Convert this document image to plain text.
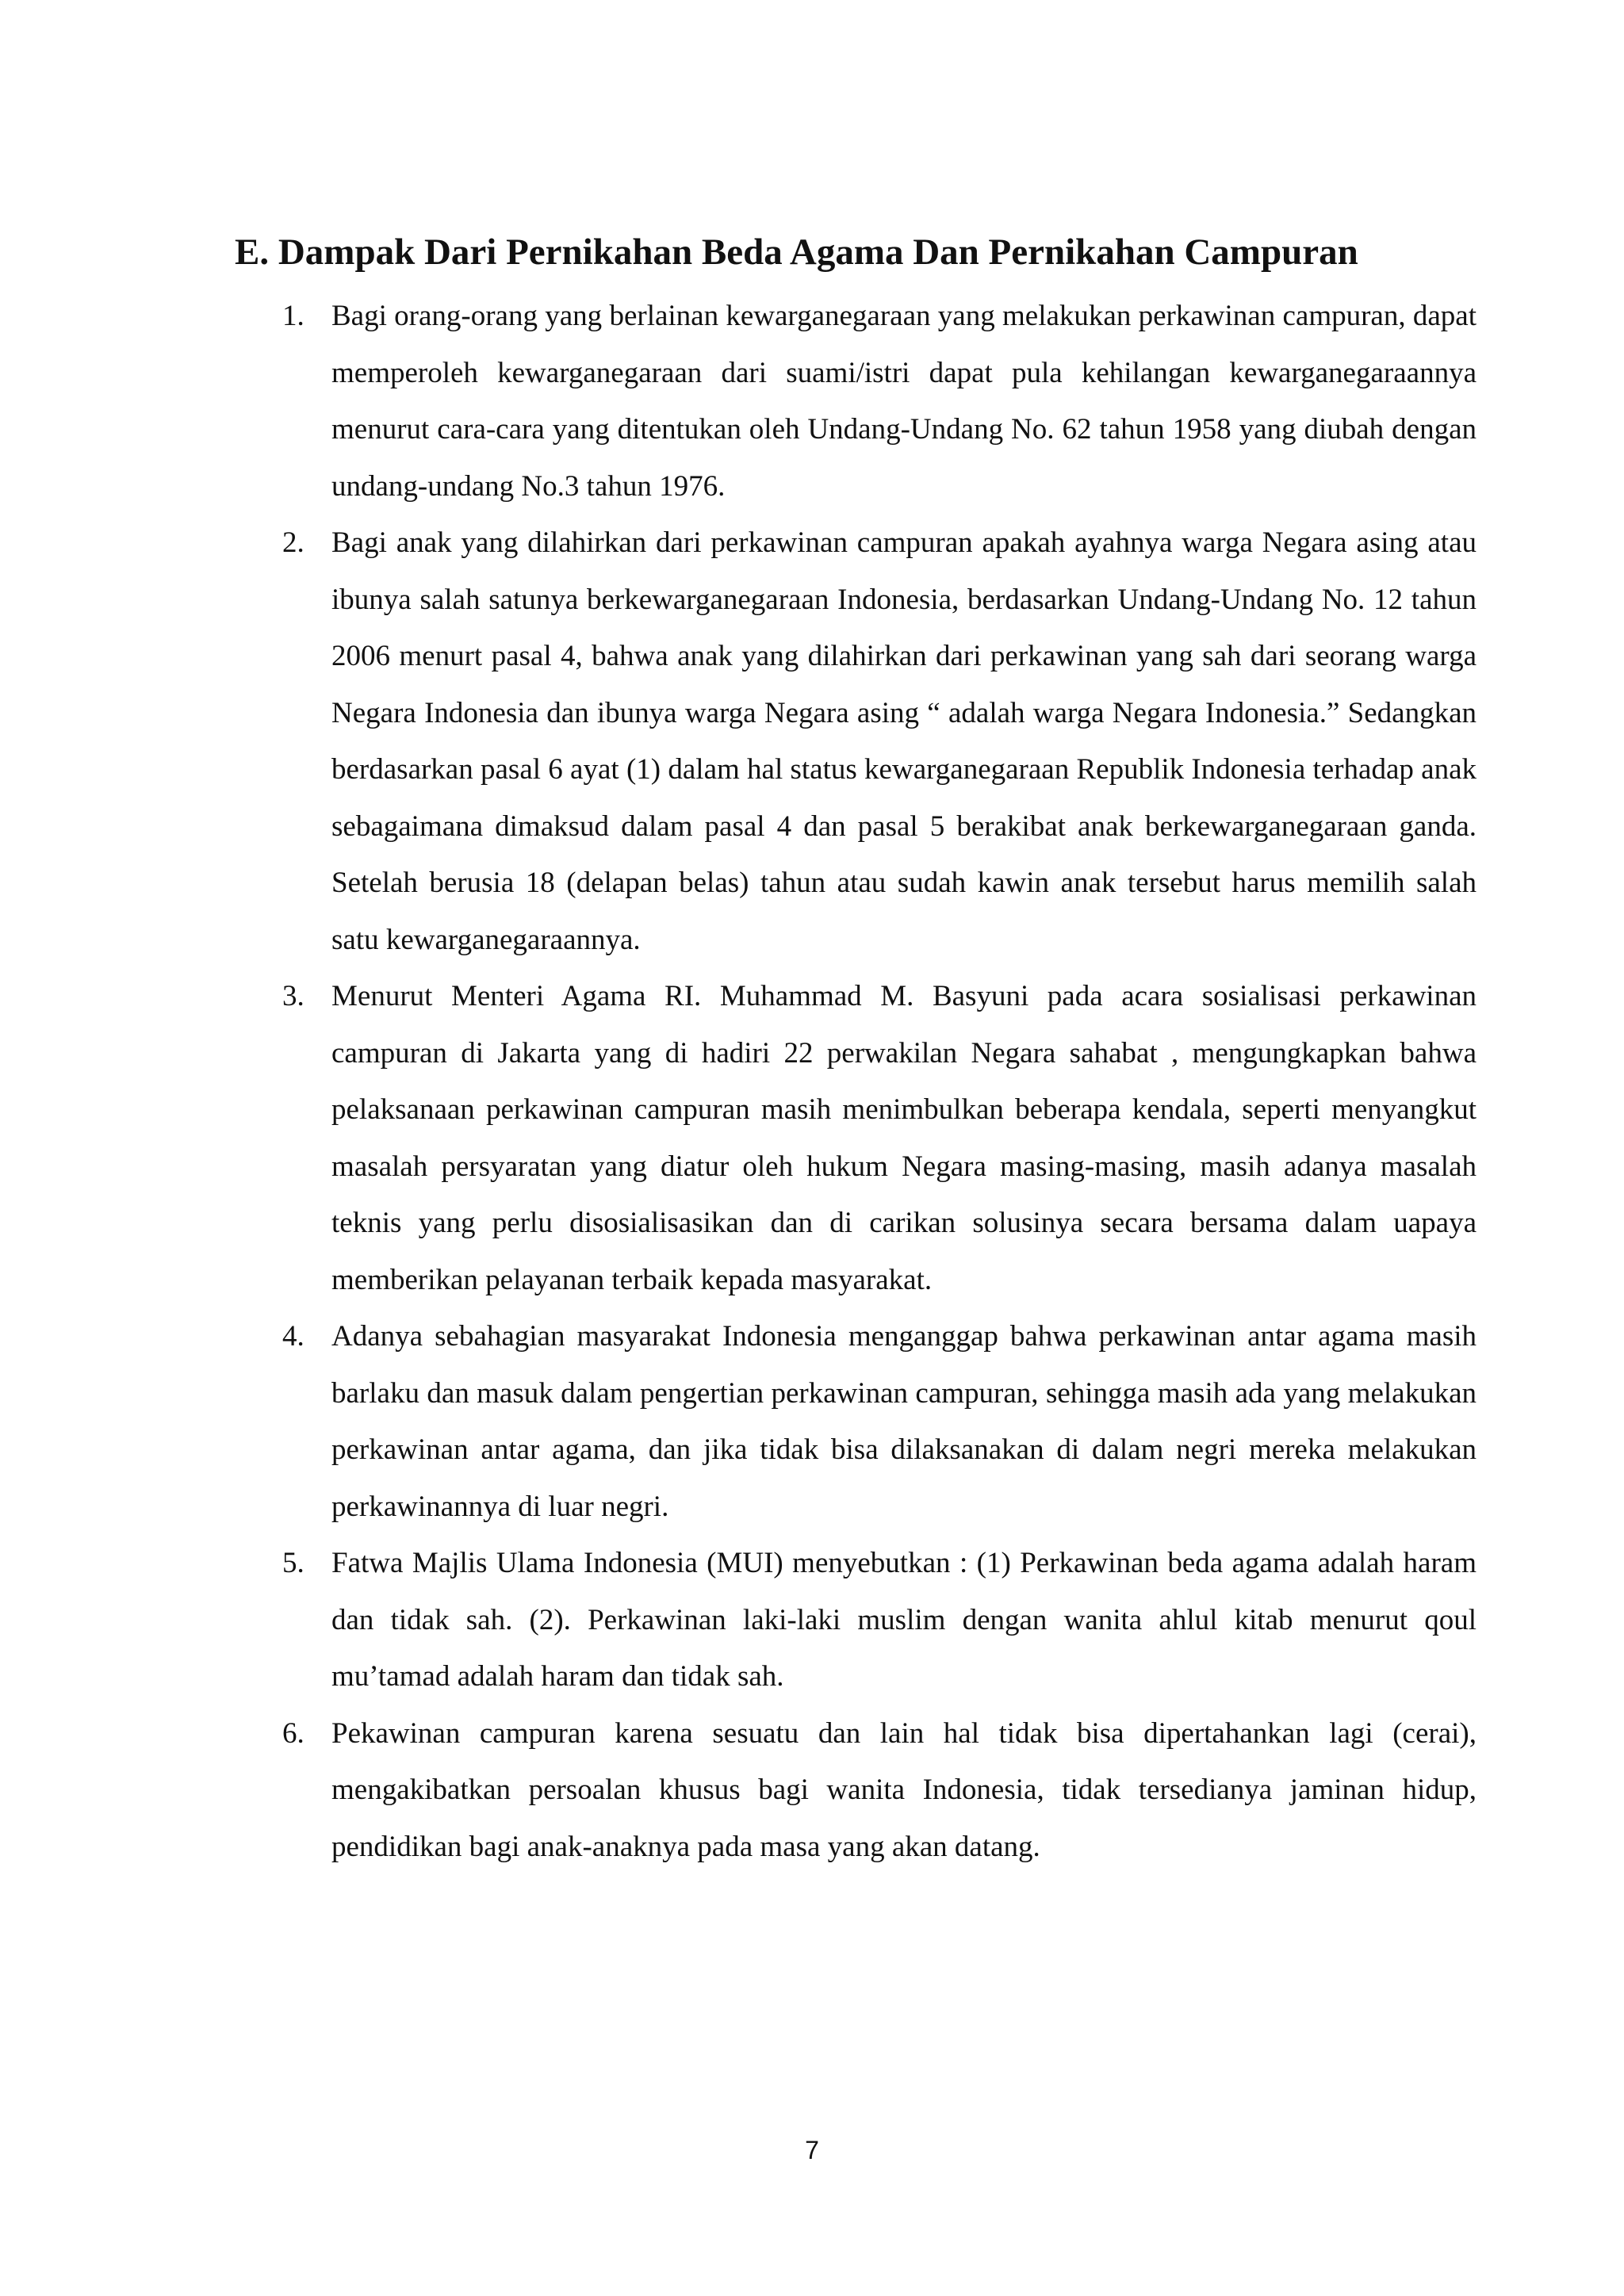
E. Dampak Dari Pernikahan Beda Agama Dan Pernikahan Campuran
1. Bagi orang-orang yang berlainan kewarganegaraan yang melakukan perkawinan campuran, dapat memperoleh kewarganegaraan dari suami/istri dapat pula kehilangan kewarganegaraannya menurut cara-cara yang ditentukan oleh Undang-Undang No. 62 tahun 1958 yang diubah dengan undang-undang No.3 tahun 1976.

2. Bagi anak yang dilahirkan dari perkawinan campuran apakah ayahnya warga Negara asing atau ibunya salah satunya berkewarganegaraan Indonesia, berdasarkan Undang-Undang No. 12 tahun 2006 menurt pasal 4, bahwa anak yang dilahirkan dari perkawinan yang sah dari seorang warga Negara Indonesia dan ibunya warga Negara asing “ adalah warga Negara Indonesia.” Sedangkan berdasarkan pasal 6 ayat (1) dalam hal status kewarganegaraan Republik Indonesia terhadap anak sebagaimana dimaksud dalam pasal 4 dan pasal 5 berakibat anak berkewarganegaraan ganda. Setelah berusia 18 (delapan belas) tahun atau sudah kawin anak tersebut harus memilih salah satu kewarganegaraannya.

3. Menurut Menteri Agama RI. Muhammad M. Basyuni pada acara sosialisasi perkawinan campuran di Jakarta yang di hadiri 22 perwakilan Negara sahabat , mengungkapkan bahwa pelaksanaan perkawinan campuran masih menimbulkan beberapa kendala, seperti menyangkut masalah persyaratan yang diatur oleh hukum Negara masing-masing, masih adanya masalah teknis yang perlu disosialisasikan dan di carikan solusinya secara bersama dalam uapaya memberikan pelayanan terbaik kepada masyarakat.

4. Adanya sebahagian masyarakat Indonesia menganggap bahwa perkawinan antar agama masih barlaku dan masuk dalam pengertian perkawinan campuran, sehingga masih ada yang melakukan perkawinan antar agama, dan jika tidak bisa dilaksanakan di dalam negri mereka melakukan perkawinannya di luar negri.

5. Fatwa Majlis Ulama Indonesia (MUI) menyebutkan : (1) Perkawinan beda agama adalah haram dan tidak sah. (2). Perkawinan laki-laki muslim dengan wanita ahlul kitab menurut qoul mu’tamad adalah haram dan tidak sah.

6. Pekawinan campuran karena sesuatu dan lain hal tidak bisa dipertahankan lagi (cerai), mengakibatkan persoalan khusus bagi wanita Indonesia, tidak tersedianya jaminan hidup, pendidikan bagi anak-anaknya pada masa yang akan datang.

7
